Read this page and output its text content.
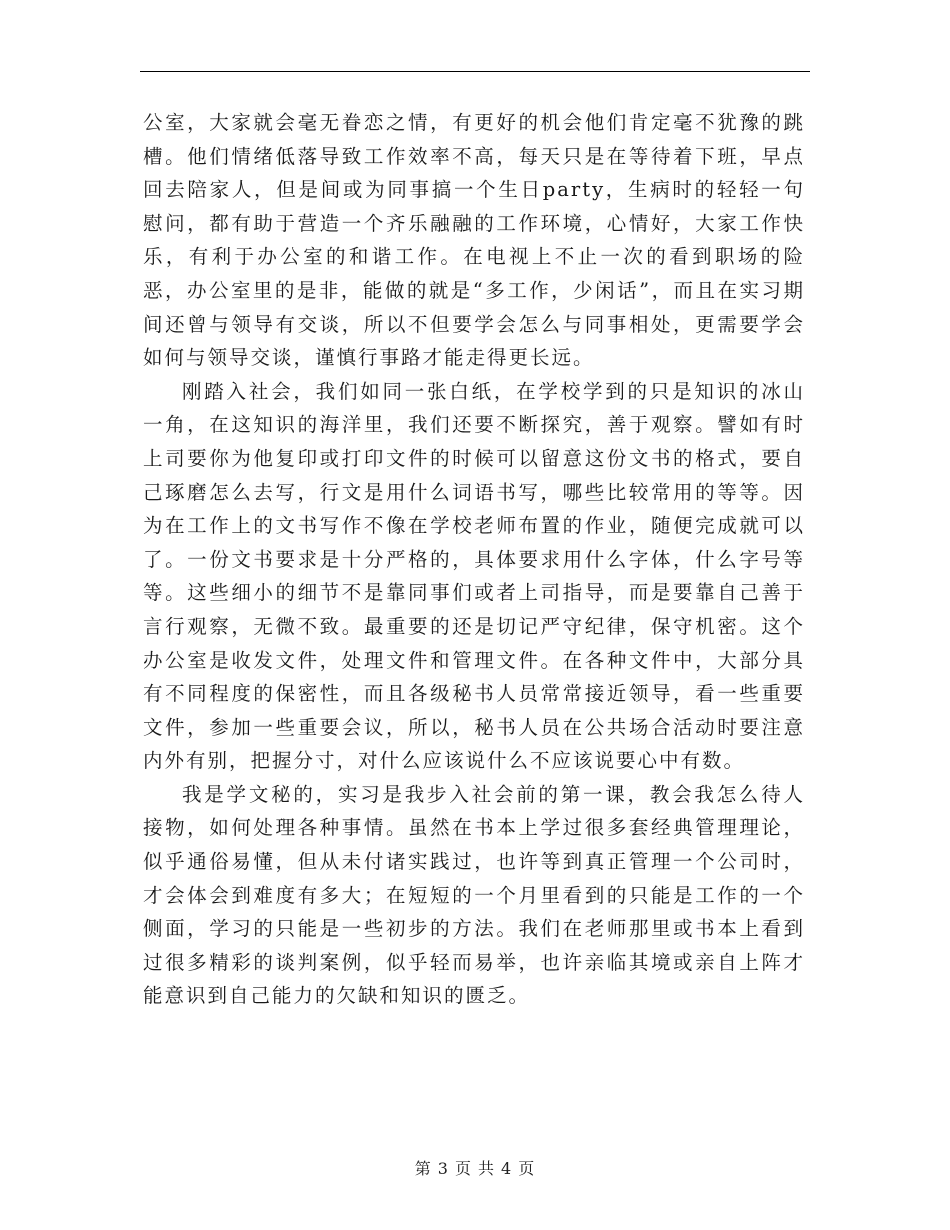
公室，大家就会毫无眷恋之情，有更好的机会他们肯定毫不犹豫的跳槽。他们情绪低落导致工作效率不高，每天只是在等待着下班，早点回去陪家人，但是间或为同事搞一个生日party，生病时的轻轻一句慰问，都有助于营造一个齐乐融融的工作环境，心情好，大家工作快乐，有利于办公室的和谐工作。在电视上不止一次的看到职场的险恶，办公室里的是非，能做的就是“多工作，少闲话”，而且在实习期间还曾与领导有交谈，所以不但要学会怎么与同事相处，更需要学会如何与领导交谈，谨慎行事路才能走得更长远。

刚踏入社会，我们如同一张白纸，在学校学到的只是知识的冰山一角，在这知识的海洋里，我们还要不断探究，善于观察。譬如有时上司要你为他复印或打印文件的时候可以留意这份文书的格式，要自己琢磨怎么去写，行文是用什么词语书写，哪些比较常用的等等。因为在工作上的文书写作不像在学校老师布置的作业，随便完成就可以了。一份文书要求是十分严格的，具体要求用什么字体，什么字号等等。这些细小的细节不是靠同事们或者上司指导，而是要靠自己善于言行观察，无微不致。最重要的还是切记严守纪律，保守机密。这个办公室是收发文件，处理文件和管理文件。在各种文件中，大部分具有不同程度的保密性，而且各级秘书人员常常接近领导，看一些重要文件，参加一些重要会议，所以，秘书人员在公共场合活动时要注意内外有别，把握分寸，对什么应该说什么不应该说要心中有数。

我是学文秘的，实习是我步入社会前的第一课，教会我怎么待人接物，如何处理各种事情。虽然在书本上学过很多套经典管理理论，似乎通俗易懂，但从未付诸实践过，也许等到真正管理一个公司时，才会体会到难度有多大；在短短的一个月里看到的只能是工作的一个侧面，学习的只能是一些初步的方法。我们在老师那里或书本上看到过很多精彩的谈判案例，似乎轻而易举，也许亲临其境或亲自上阵才能意识到自己能力的欠缺和知识的匮乏。

第 3 页 共 4 页
